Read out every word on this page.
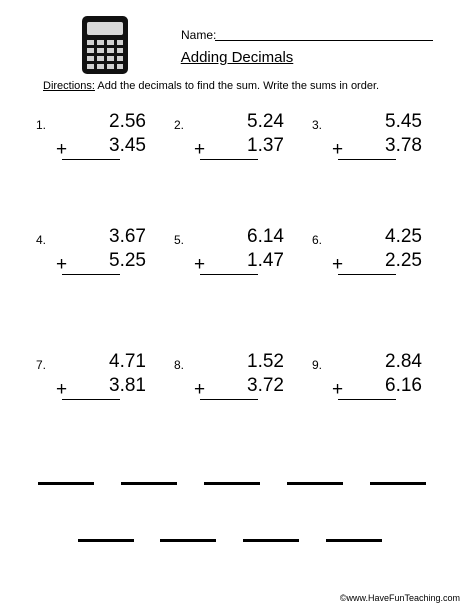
Name:
Adding Decimals
Directions: Add the decimals to find the sum. Write the sums in order.
1.	2.56
+	3.45
2.	5.24
+	1.37
3.	5.45
+	3.78
4.	3.67
+	5.25
5.	6.14
+	1.47
6.	4.25
+	2.25
7.	4.71
+	3.81
8.	1.52
+	3.72
9.	2.84
+	6.16
©www.HaveFunTeaching.com
